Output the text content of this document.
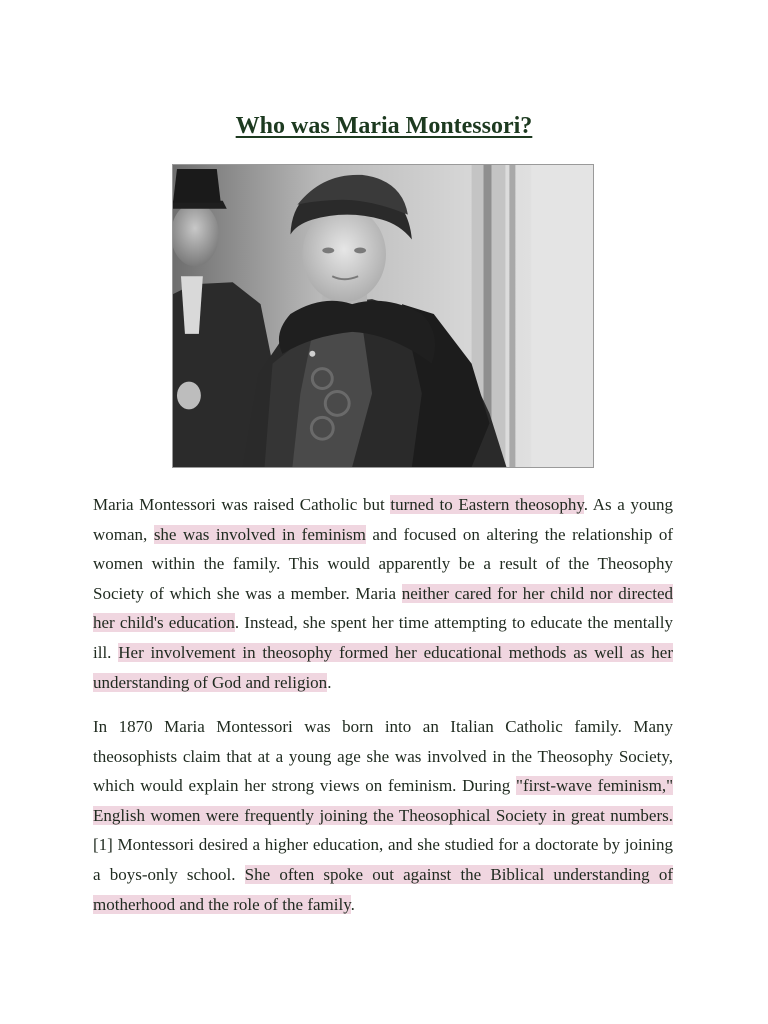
Who was Maria Montessori?

Maria Montessori was raised Catholic but turned to Eastern theosophy. As a young woman, she was involved in feminism and focused on altering the relationship of women within the family. This would apparently be a result of the Theosophy Society of which she was a member. Maria neither cared for her child nor directed her child's education. Instead, she spent her time attempting to educate the mentally ill. Her involvement in theosophy formed her educational methods as well as her understanding of God and religion.

In 1870 Maria Montessori was born into an Italian Catholic family. Many theosophists claim that at a young age she was involved in the Theosophy Society, which would explain her strong views on feminism. During "first-wave feminism," English women were frequently joining the Theosophical Society in great numbers.[1] Montessori desired a higher education, and she studied for a doctorate by joining a boys-only school. She often spoke out against the Biblical understanding of motherhood and the role of the family.
